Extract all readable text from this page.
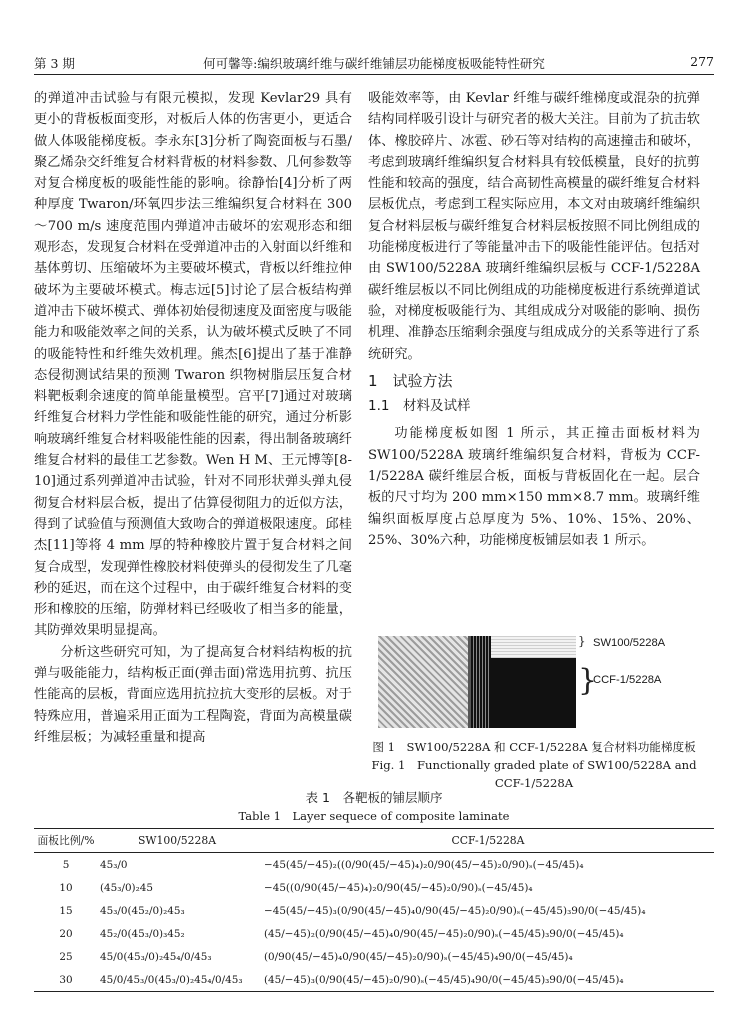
第 3 期	何可馨等:编织玻璃纤维与碳纤维铺层功能梯度板吸能特性研究	277

的弹道冲击试验与有限元模拟，发现 Kevlar29 具有更小的背板板面变形，对板后人体的伤害更小，更适合做人体吸能梯度板。李永东[3]分析了陶瓷面板与石墨/聚乙烯杂交纤维复合材料背板的材料参数、几何参数等对复合梯度板的吸能性能的影响。徐静怡[4]分析了两种厚度 Twaron/环氧四步法三维编织复合材料在 300～700 m/s 速度范围内弹道冲击破坏的宏观形态和细观形态，发现复合材料在受弹道冲击的入射面以纤维和基体剪切、压缩破坏为主要破坏模式，背板以纤维拉伸破坏为主要破坏模式。梅志远[5]讨论了层合板结构弹道冲击下破坏模式、弹体初始侵彻速度及面密度与吸能能力和吸能效率之间的关系，认为破坏模式反映了不同的吸能特性和纤维失效机理。熊杰[6]提出了基于准静态侵彻测试结果的预测 Twaron 织物树脂层压复合材料靶板剩余速度的简单能量模型。宫平[7]通过对玻璃纤维复合材料力学性能和吸能性能的研究，通过分析影响玻璃纤维复合材料吸能性能的因素，得出制备玻璃纤维复合材料的最佳工艺参数。Wen H M、王元博等[8-10]通过系列弹道冲击试验，针对不同形状弹头弹丸侵彻复合材料层合板，提出了估算侵彻阻力的近似方法，得到了试验值与预测值大致吻合的弹道极限速度。邱桂杰[11]等将 4 mm 厚的特种橡胶片置于复合材料之间复合成型，发现弹性橡胶材料使弹头的侵彻发生了几毫秒的延迟，而在这个过程中，由于碳纤维复合材料的变形和橡胶的压缩，防弹材料已经吸收了相当多的能量，其防弹效果明显提高。

分析这些研究可知，为了提高复合材料结构板的抗弹与吸能能力，结构板正面(弹击面)常选用抗剪、抗压性能高的层板，背面应选用抗拉抗大变形的层板。对于特殊应用，普遍采用正面为工程陶瓷，背面为高模量碳纤维层板；为减轻重量和提高

吸能效率等，由 Kevlar 纤维与碳纤维梯度或混杂的抗弹结构同样吸引设计与研究者的极大关注。目前为了抗击软体、橡胶碎片、冰雹、砂石等对结构的高速撞击和破坏，考虑到玻璃纤维编织复合材料具有较低模量，良好的抗剪性能和较高的强度，结合高韧性高模量的碳纤维复合材料层板优点，考虑到工程实际应用，本文对由玻璃纤维编织复合材料层板与碳纤维复合材料层板按照不同比例组成的功能梯度板进行了等能量冲击下的吸能性能评估。包括对由 SW100/5228A 玻璃纤维编织层板与 CCF-1/5228A 碳纤维层板以不同比例组成的功能梯度板进行系统弹道试验，对梯度板吸能行为、其组成成分对吸能的影响、损伤机理、准静态压缩剩余强度与组成成分的关系等进行了系统研究。

1　试验方法
1.1　材料及试样

功能梯度板如图 1 所示，其正撞击面板材料为 SW100/5228A 玻璃纤维编织复合材料，背板为 CCF-1/5228A 碳纤维层合板，面板与背板固化在一起。层合板的尺寸均为 200 mm×150 mm×8.7 mm。玻璃纤维编织面板厚度占总厚度为 5%、10%、15%、20%、25%、30%六种，功能梯度板铺层如表 1 所示。

} SW100/5228A
}
CCF-1/5228A
图 1　SW100/5228A 和 CCF-1/5228A 复合材料功能梯度板
Fig. 1　Functionally graded plate of SW100/5228A and
CCF-1/5228A
表 1　各靶板的铺层顺序
Table 1　Layer sequece of composite laminate
面板比例/%	SW100/5228A	CCF-1/5228A
5	45₃/0	−45(45/−45)₂((0/90(45/−45)₄)₂0/90(45/−45)₂0/90)ₛ(−45/45)₄
10	(45₃/0)₂45	−45((0/90(45/−45)₄)₂0/90(45/−45)₂0/90)ₛ(−45/45)₄
15	45₃/0(45₂/0)₂45₃	−45(45/−45)₃(0/90(45/−45)₄0/90(45/−45)₂0/90)ₛ(−45/45)₃90/0(−45/45)₄
20	45₂/0(45₃/0)₃45₂	(45/−45)₂(0/90(45/−45)₄0/90(45/−45)₂0/90)ₛ(−45/45)₃90/0(−45/45)₄
25	45/0(45₃/0)₂45₄/0/45₃	(0/90(45/−45)₄0/90(45/−45)₂0/90)ₛ(−45/45)₄90/0(−45/45)₄
30	45/0/45₃/0(45₃/0)₂45₄/0/45₃	(45/−45)₃(0/90(45/−45)₂0/90)ₛ(−45/45)₄90/0(−45/45)₃90/0(−45/45)₄
